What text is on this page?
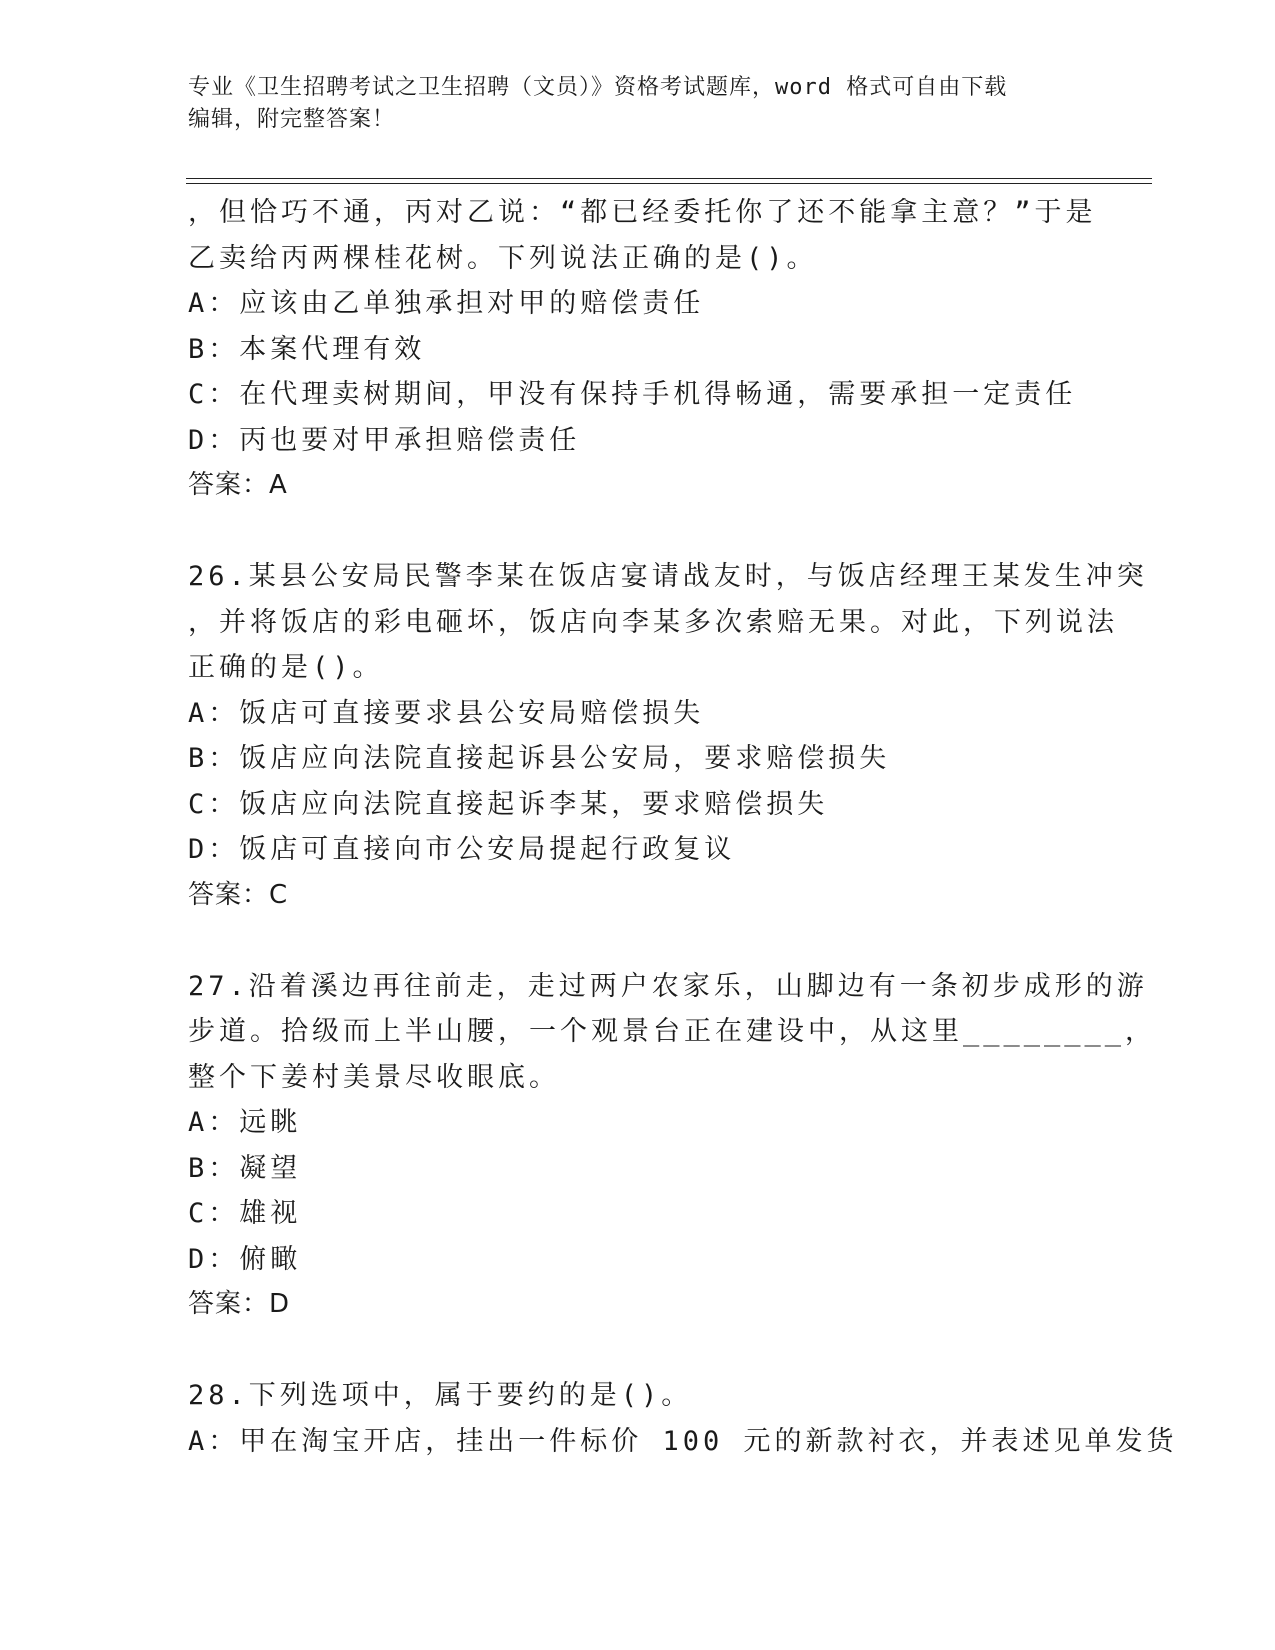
专业《卫生招聘考试之卫生招聘（文员）》资格考试题库，word 格式可自由下载
编辑，附完整答案！
，但恰巧不通，丙对乙说：“都已经委托你了还不能拿主意？”于是
乙卖给丙两棵桂花树。下列说法正确的是()。
A：应该由乙单独承担对甲的赔偿责任
B：本案代理有效
C：在代理卖树期间，甲没有保持手机得畅通，需要承担一定责任
D：丙也要对甲承担赔偿责任
答案：A
26.某县公安局民警李某在饭店宴请战友时，与饭店经理王某发生冲突
，并将饭店的彩电砸坏，饭店向李某多次索赔无果。对此，下列说法
正确的是()。
A：饭店可直接要求县公安局赔偿损失
B：饭店应向法院直接起诉县公安局，要求赔偿损失
C：饭店应向法院直接起诉李某，要求赔偿损失
D：饭店可直接向市公安局提起行政复议
答案：C
27.沿着溪边再往前走，走过两户农家乐，山脚边有一条初步成形的游
步道。拾级而上半山腰，一个观景台正在建设中，从这里________，
整个下姜村美景尽收眼底。
A：远眺
B：凝望
C：雄视
D：俯瞰
答案：D
28.下列选项中，属于要约的是()。
A：甲在淘宝开店，挂出一件标价 100 元的新款衬衣，并表述见单发货
